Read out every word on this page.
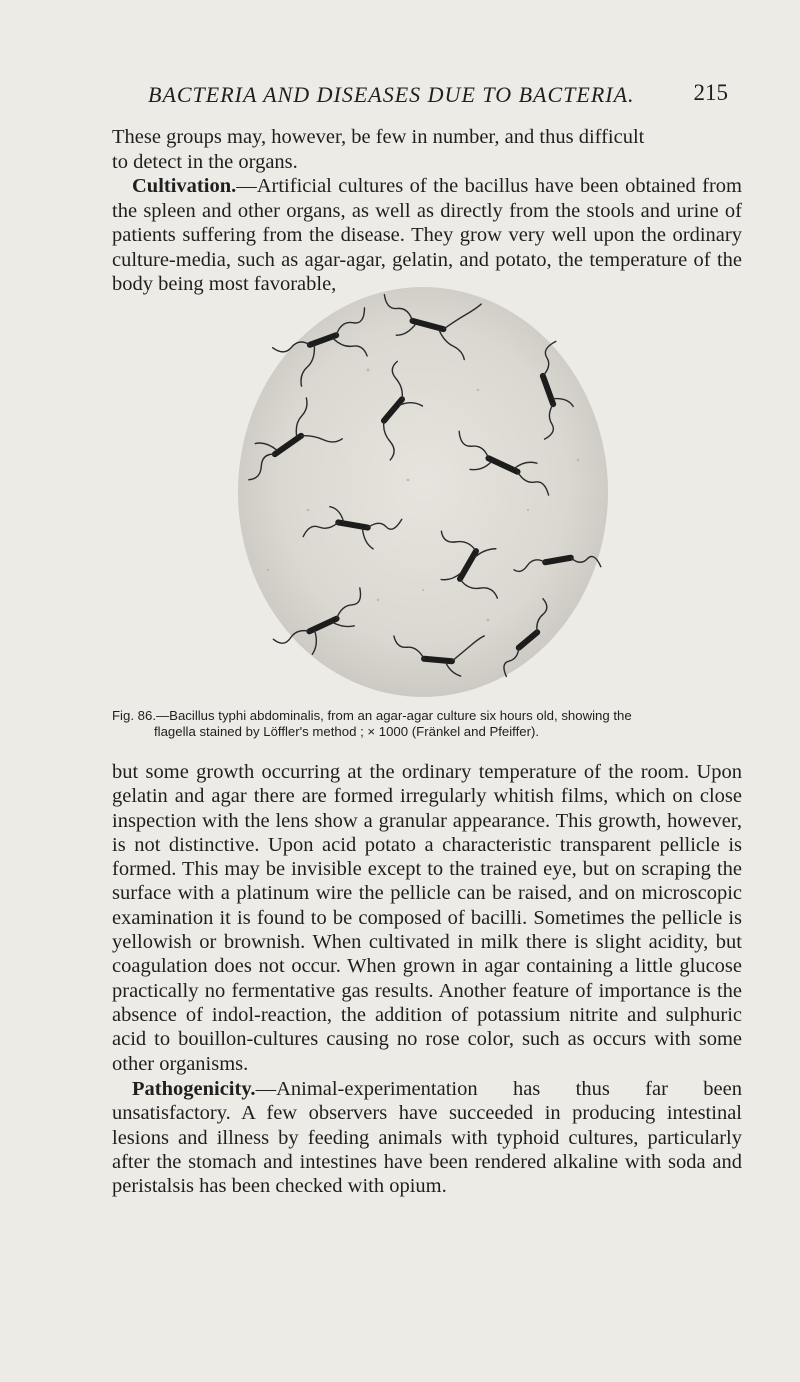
BACTERIA AND DISEASES DUE TO BACTERIA.	215
These groups may, however, be few in number, and thus difficult
to detect in the organs.
Cultivation.—Artificial cultures of the bacillus have been obtained from the spleen and other organs, as well as directly from the stools and urine of patients suffering from the disease. They grow very well upon the ordinary culture-media, such as agar-agar, gelatin, and potato, the temperature of the body being most favorable,
Fig. 86.—Bacillus typhi abdominalis, from an agar-agar culture six hours old, showing the
flagella stained by Löffler's method ; × 1000 (Fränkel and Pfeiffer).
but some growth occurring at the ordinary temperature of the room. Upon gelatin and agar there are formed irregularly whitish films, which on close inspection with the lens show a granular appearance. This growth, however, is not distinctive. Upon acid potato a characteristic transparent pellicle is formed. This may be invisible except to the trained eye, but on scraping the surface with a platinum wire the pellicle can be raised, and on microscopic examination it is found to be composed of bacilli. Sometimes the pellicle is yellowish or brownish. When cultivated in milk there is slight acidity, but coagulation does not occur. When grown in agar containing a little glucose practically no fermentative gas results. Another feature of importance is the absence of indol-reaction, the addition of potassium nitrite and sulphuric acid to bouillon-cultures causing no rose color, such as occurs with some other organisms.
Pathogenicity.—Animal-experimentation has thus far been unsatisfactory. A few observers have succeeded in producing intestinal lesions and illness by feeding animals with typhoid cultures, particularly after the stomach and intestines have been rendered alkaline with soda and peristalsis has been checked with opium.
